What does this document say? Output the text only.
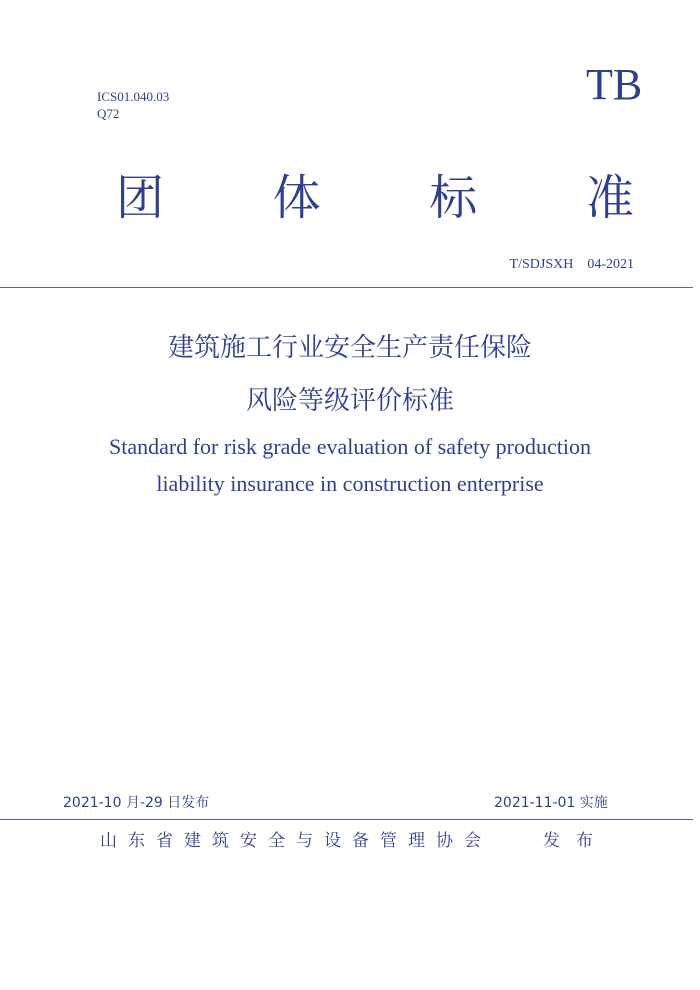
ICS01.040.03
Q72
TB
团 体 标 准
T/SDJSXH　04-2021
建筑施工行业安全生产责任保险
风险等级评价标准
Standard for risk grade evaluation of safety production
liability insurance in construction enterprise
2021-10 月-29 日发布	2021-11-01 实施
山东省建筑安全与设备管理协会	发布
